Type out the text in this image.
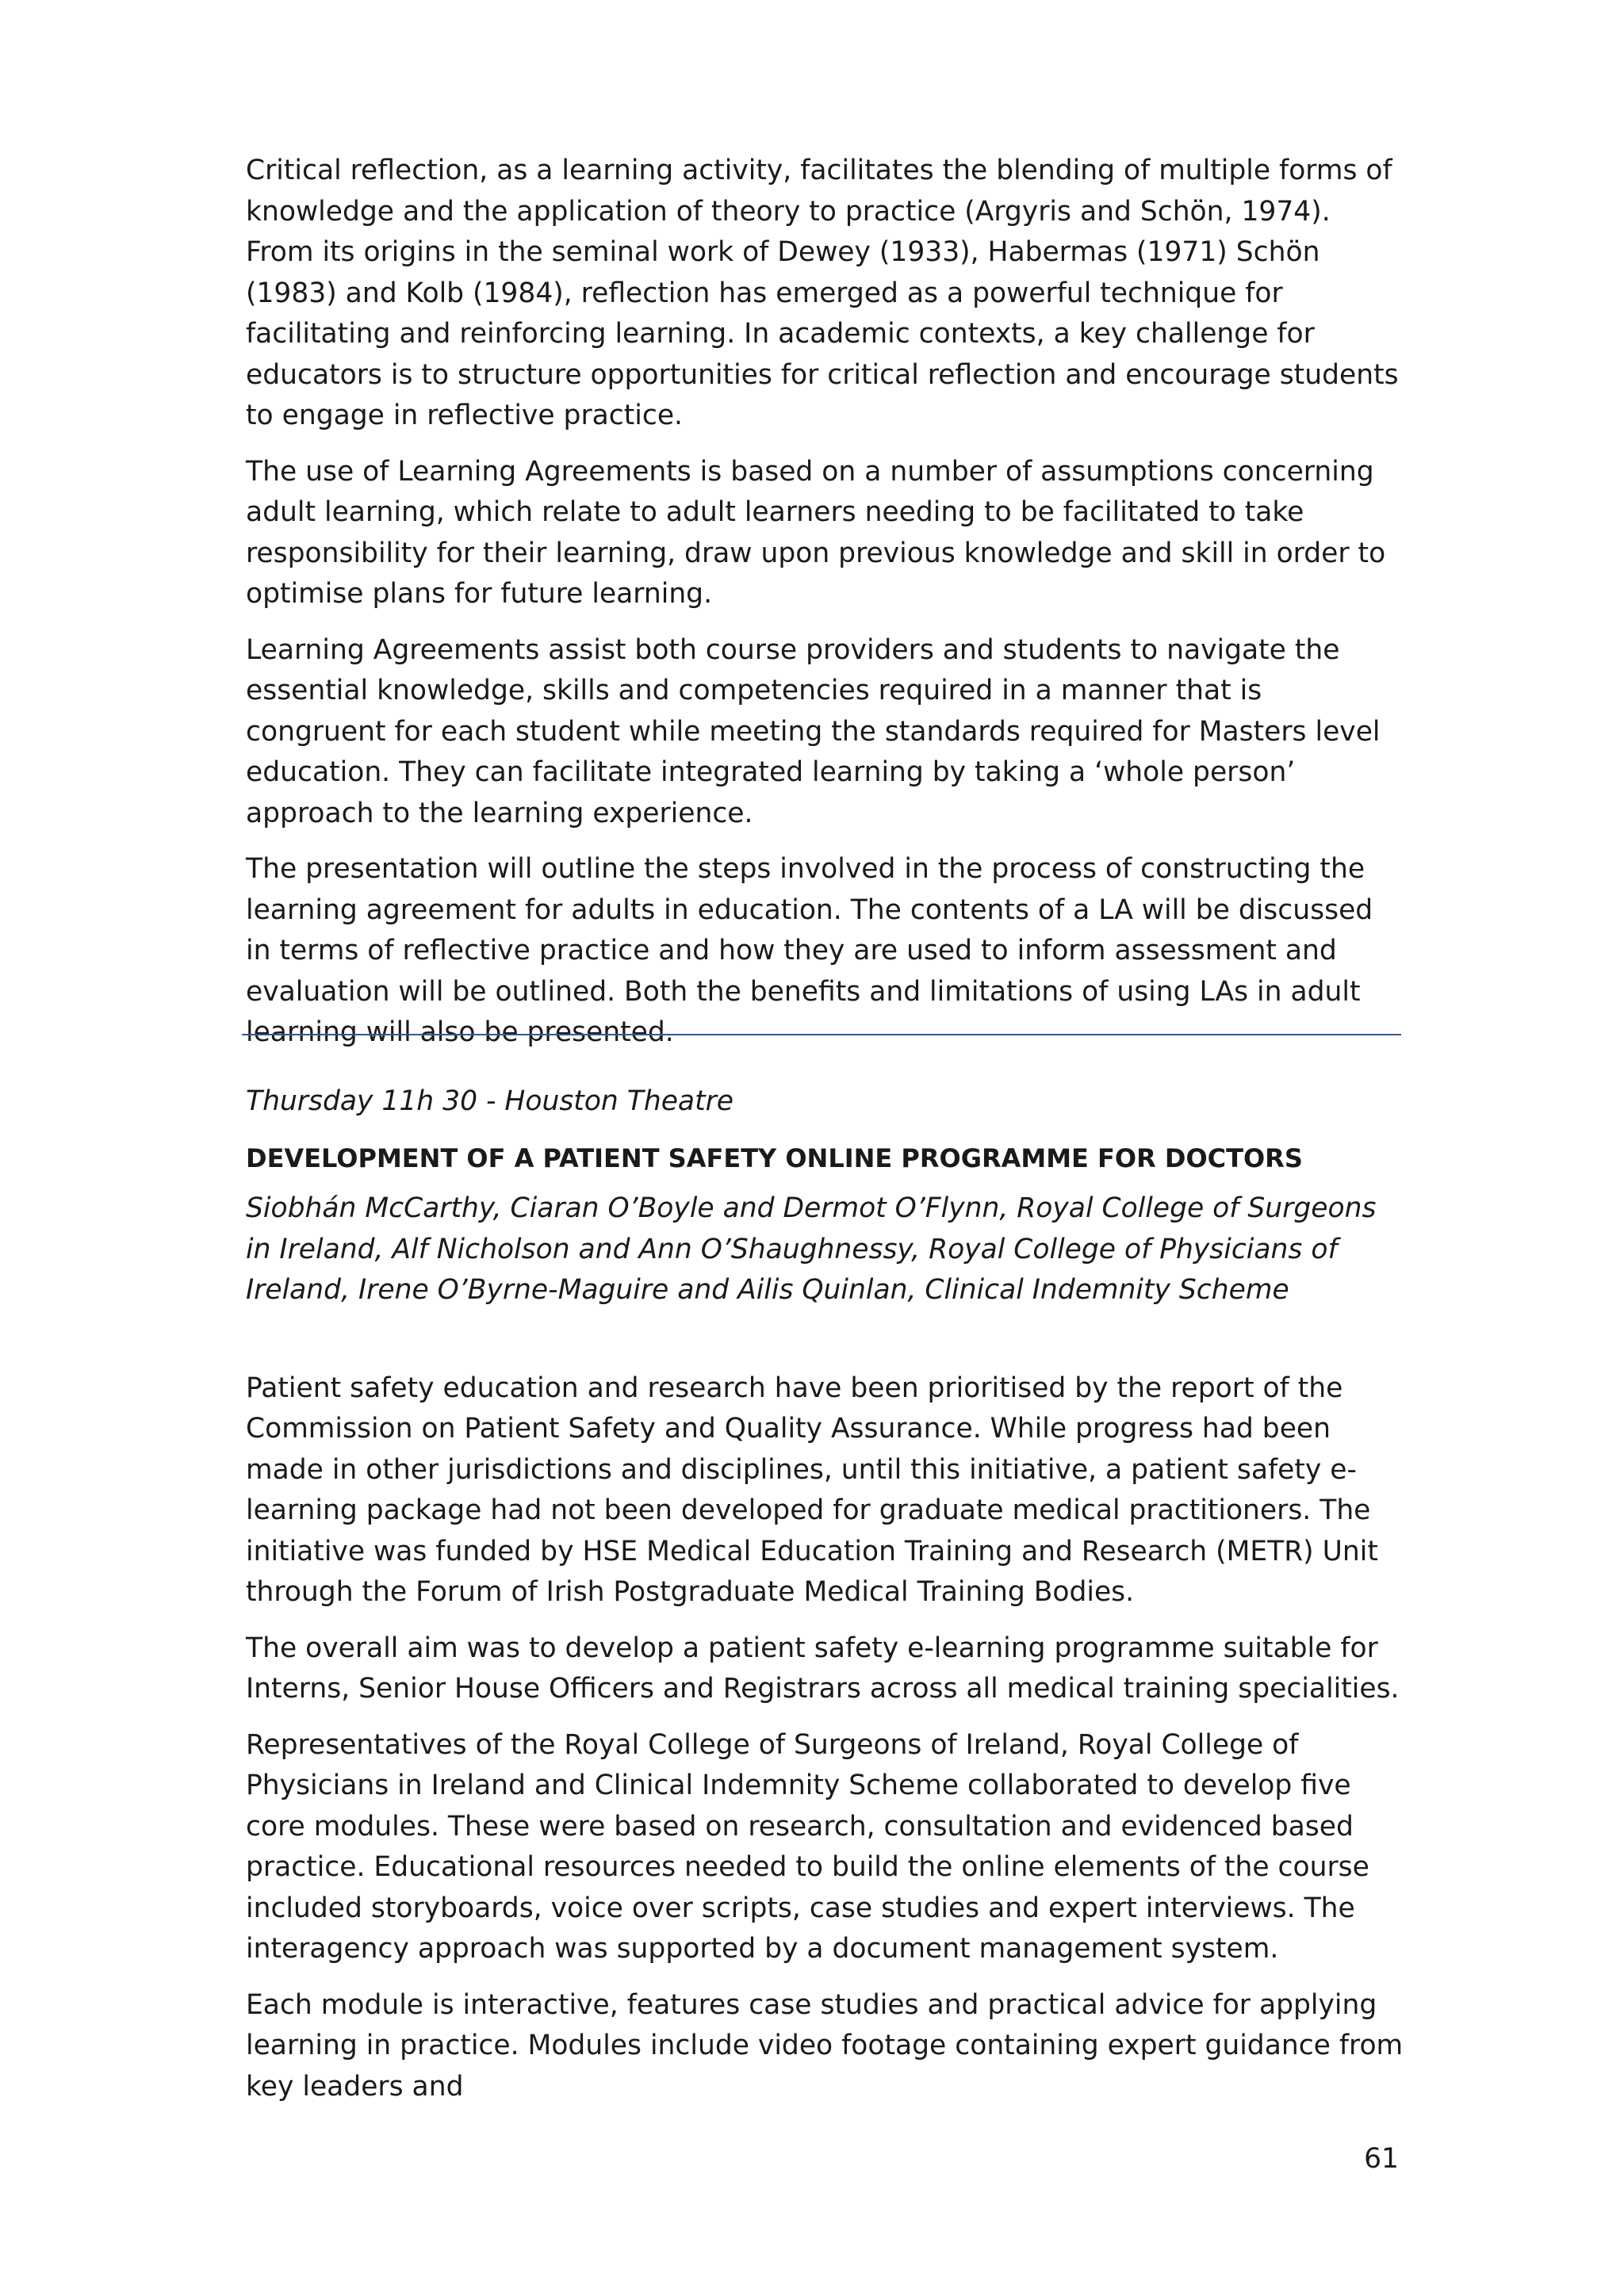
Critical reflection, as a learning activity, facilitates the blending of multiple forms of knowledge and the application of theory to practice (Argyris and Schön, 1974). From its origins in the seminal work of Dewey (1933), Habermas (1971) Schön (1983) and Kolb (1984), reflection has emerged as a powerful technique for facilitating and reinforcing learning. In academic contexts, a key challenge for educators is to structure opportunities for critical reflection and encourage students to engage in reflective practice.

The use of Learning Agreements is based on a number of assumptions concerning adult learning, which relate to adult learners needing to be facilitated to take responsibility for their learning, draw upon previous knowledge and skill in order to optimise plans for future learning.

Learning Agreements assist both course providers and students to navigate the essential knowledge, skills and competencies required in a manner that is congruent for each student while meeting the standards required for Masters level education. They can facilitate integrated learning by taking a ‘whole person’ approach to the learning experience.

The presentation will outline the steps involved in the process of constructing the learning agreement for adults in education. The contents of a LA will be discussed in terms of reflective practice and how they are used to inform assessment and evaluation will be outlined. Both the benefits and limitations of using LAs in adult learning will also be presented.

Thursday 11h 30 - Houston Theatre

DEVELOPMENT OF A PATIENT SAFETY ONLINE PROGRAMME FOR DOCTORS

Siobhán McCarthy, Ciaran O’Boyle and Dermot O’Flynn, Royal College of Surgeons in Ireland, Alf Nicholson and Ann O’Shaughnessy, Royal College of Physicians of Ireland, Irene O’Byrne-Maguire and Ailis Quinlan, Clinical Indemnity Scheme

Patient safety education and research have been prioritised by the report of the Commission on Patient Safety and Quality Assurance. While progress had been made in other jurisdictions and disciplines, until this initiative, a patient safety e-learning package had not been developed for graduate medical practitioners. The initiative was funded by HSE Medical Education Training and Research (METR) Unit through the Forum of Irish Postgraduate Medical Training Bodies.

The overall aim was to develop a patient safety e-learning programme suitable for Interns, Senior House Officers and Registrars across all medical training specialities.

Representatives of the Royal College of Surgeons of Ireland, Royal College of Physicians in Ireland and Clinical Indemnity Scheme collaborated to develop five core modules. These were based on research, consultation and evidenced based practice. Educational resources needed to build the online elements of the course included storyboards, voice over scripts, case studies and expert interviews. The interagency approach was supported by a document management system.

Each module is interactive, features case studies and practical advice for applying learning in practice. Modules include video footage containing expert guidance from key leaders and

61
